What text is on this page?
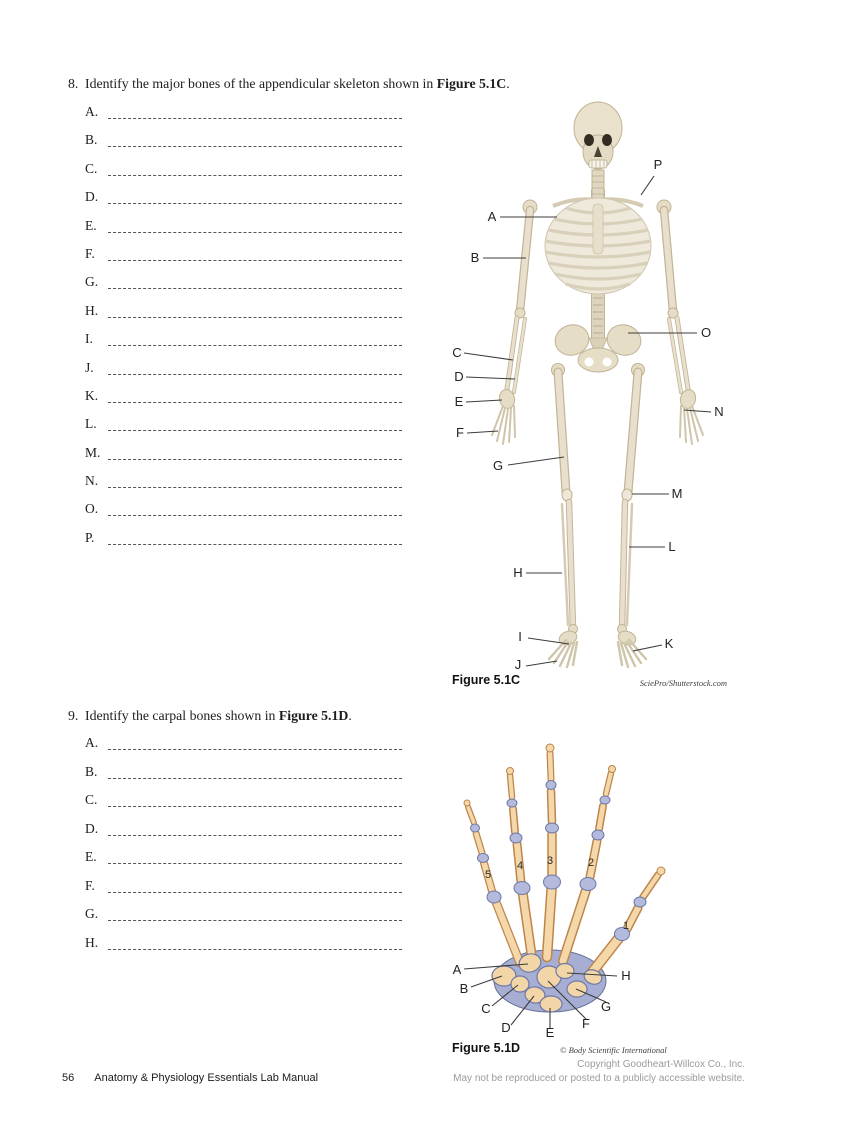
8. Identify the major bones of the appendicular skeleton shown in Figure 5.1C.
A.
B.
C.
D.
E.
F.
G.
H.
I.
J.
K.
L.
M.
N.
O.
P.
A
B
C
D
E
F
G
H
I
J
K
L
M
N
O
P
Figure 5.1C	SciePro/Shutterstock.com
9. Identify the carpal bones shown in Figure 5.1D.
A.
B.
C.
D.
E.
F.
G.
H.
5
4 3	2
1
A
B
C
D	E
F
G
H
Figure 5.1D	© Body Scientific International
56 Anatomy & Physiology Essentials Lab Manual
Copyright Goodheart-Willcox Co., Inc.
May not be reproduced or posted to a publicly accessible website.
